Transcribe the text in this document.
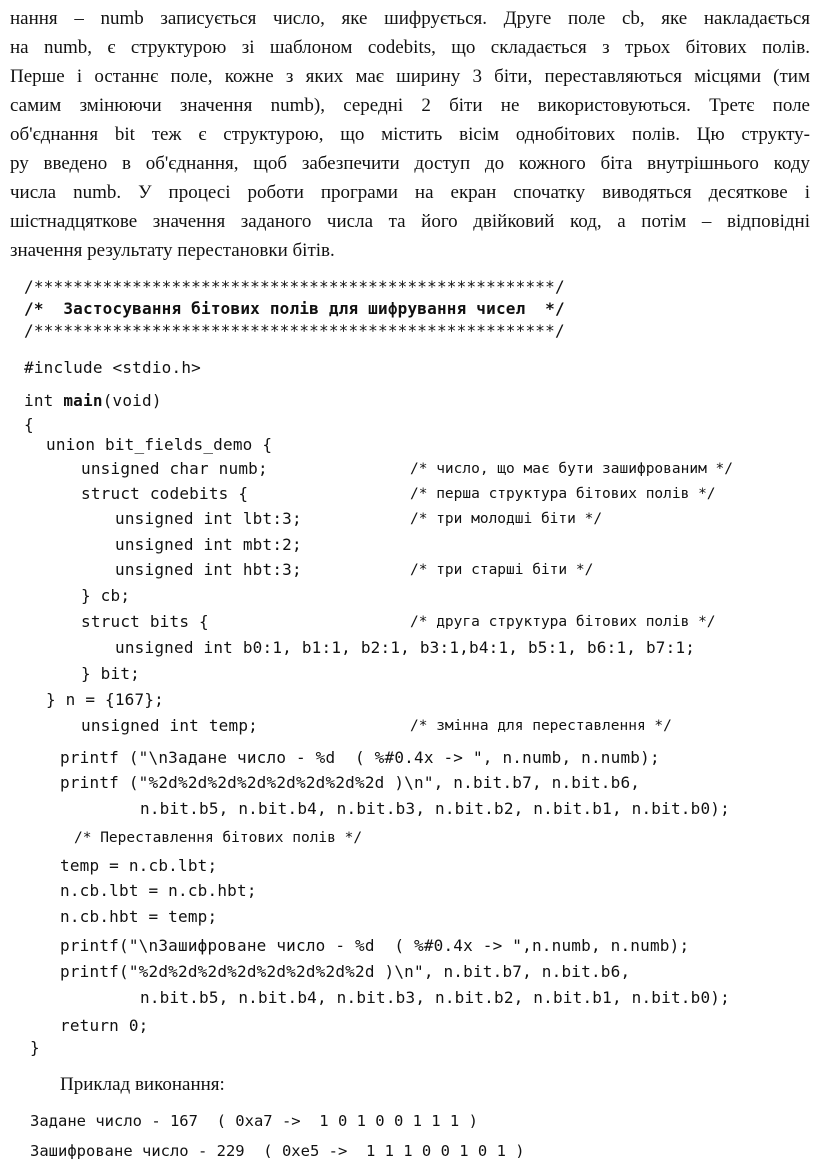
нання – numb записується число, яке шифрується. Друге поле cb, яке накладається
на numb, є структурою зі шаблоном codebits, що складається з трьох бітових полів.
Перше і останнє поле, кожне з яких має ширину 3 біти, переставляються місцями (тим
самим змінюючи значення numb), середні 2 біти не використовуються. Третє поле
об'єднання bit теж є структурою, що містить вісім однобітових полів. Цю структу-
ру введено в об'єднання, щоб забезпечити доступ до кожного біта внутрішнього коду
числа numb. У процесі роботи програми на екран спочатку виводяться десяткове і
шістнадцяткове значення заданого числа та його двійковий код, а потім – відповідні
значення результату перестановки бітів.
/*****************************************************/
/*  Застосування бітових полів для шифрування чисел  */
/*****************************************************/
#include <stdio.h>
int main(void)
{
union bit_fields_demo {
unsigned char numb;	/* число, що має бути зашифрованим */
struct codebits {	/* перша структура бітових полів */
unsigned int lbt:3;	/* три молодші біти */
unsigned int mbt:2;
unsigned int hbt:3;	/* три старші біти */
} cb;
struct bits {	/* друга структура бітових полів */
unsigned int b0:1, b1:1, b2:1, b3:1,b4:1, b5:1, b6:1, b7:1;
} bit;
} n = {167};
unsigned int temp;	/* змінна для переставлення */
printf ("\nЗадане число - %d  ( %#0.4x -> ", n.numb, n.numb);
printf ("%2d%2d%2d%2d%2d%2d%2d%2d )\n", n.bit.b7, n.bit.b6,
n.bit.b5, n.bit.b4, n.bit.b3, n.bit.b2, n.bit.b1, n.bit.b0);
/* Переставлення бітових полів */
temp = n.cb.lbt;
n.cb.lbt = n.cb.hbt;
n.cb.hbt = temp;
printf("\nЗашифроване число - %d  ( %#0.4x -> ",n.numb, n.numb);
printf("%2d%2d%2d%2d%2d%2d%2d%2d )\n", n.bit.b7, n.bit.b6,
n.bit.b5, n.bit.b4, n.bit.b3, n.bit.b2, n.bit.b1, n.bit.b0);
return 0;
}
Приклад виконання:
Задане число - 167  ( 0xa7 ->  1 0 1 0 0 1 1 1 )
Зашифроване число - 229  ( 0xe5 ->  1 1 1 0 0 1 0 1 )
